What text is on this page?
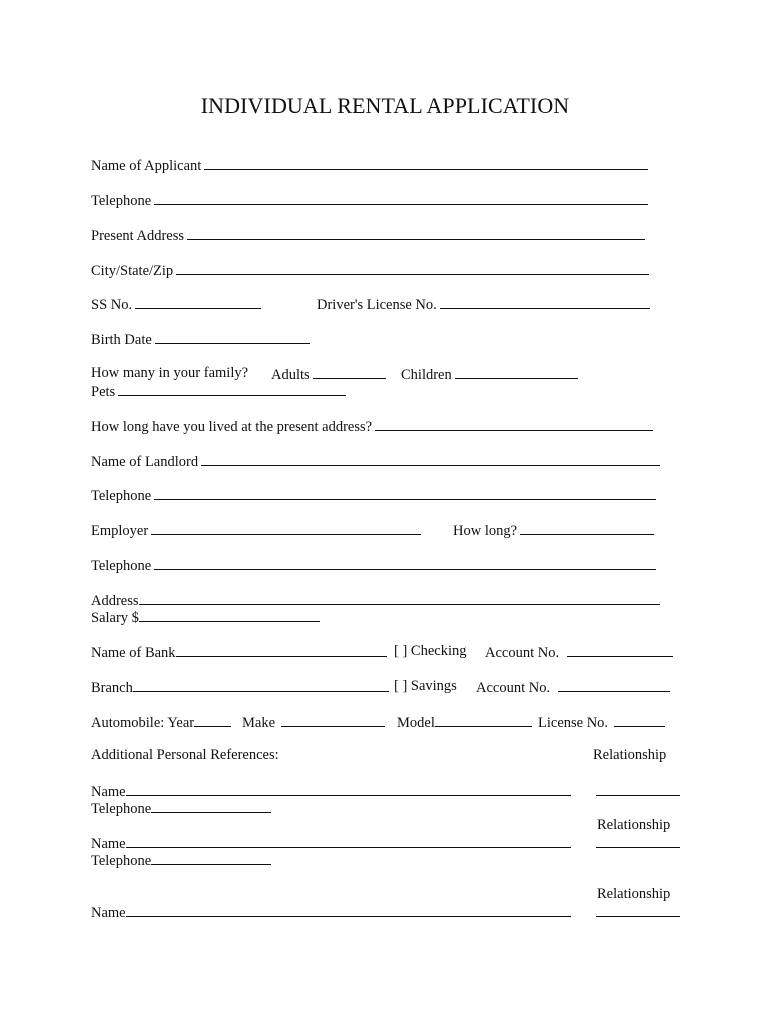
INDIVIDUAL RENTAL APPLICATION
Name of Applicant
Telephone
Present Address
City/State/Zip
SS No.	Driver's License No.
Birth Date
How many in your family? Adults	Children
Pets
How long have you lived at the present address?
Name of Landlord
Telephone
Employer	How long?
Telephone
Address
Salary $
Name of Bank	[ ] Checking Account No.
Branch	[ ] Savings Account No.
Automobile: Year	Make	Model	License No.
Additional Personal References:	Relationship
Name
Telephone
Relationship
Name
Telephone
Relationship
Name
